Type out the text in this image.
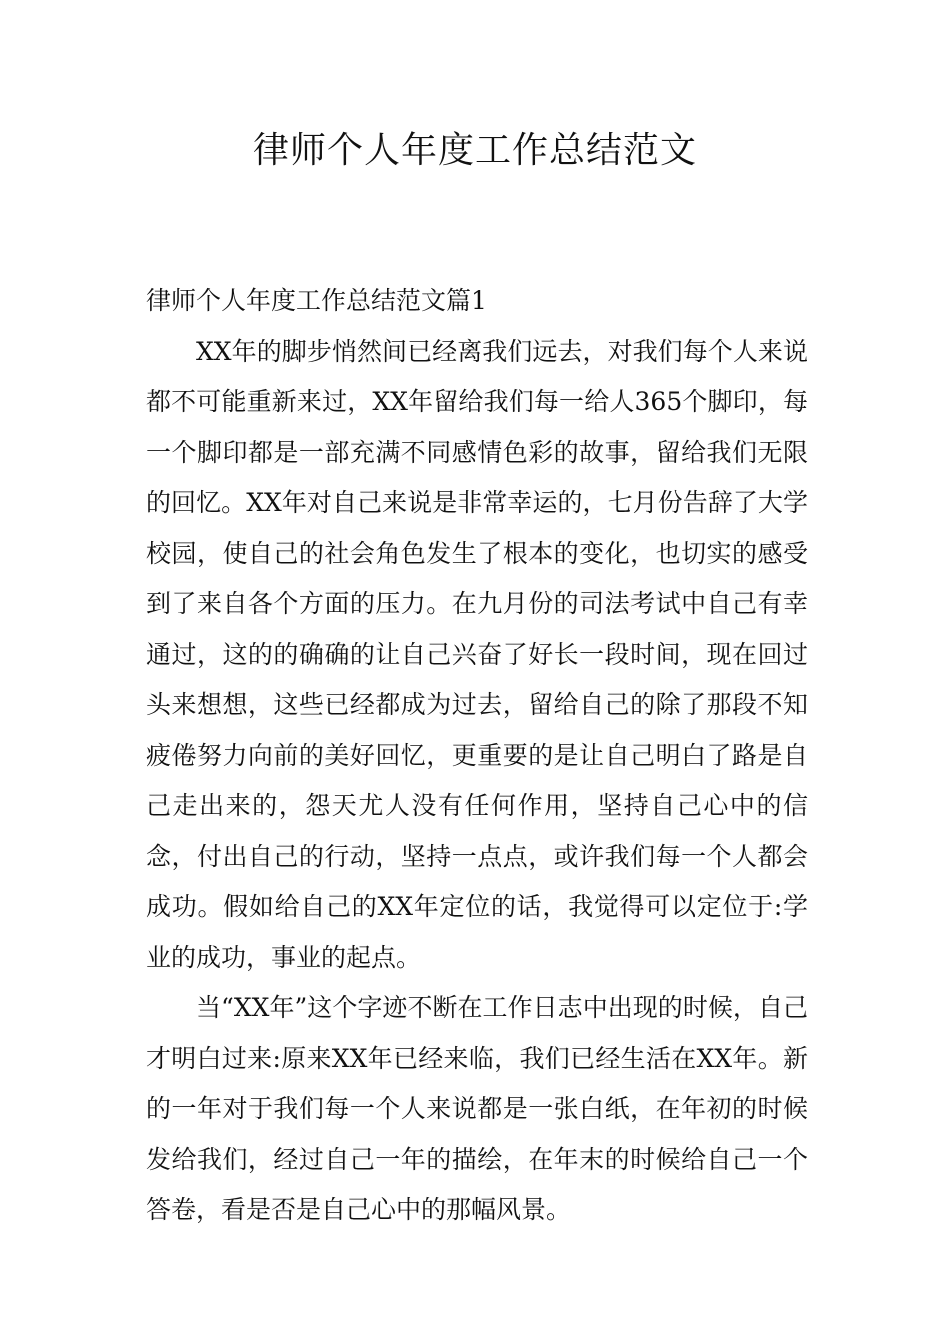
律师个人年度工作总结范文
律师个人年度工作总结范文篇1

XX年的脚步悄然间已经离我们远去，对我们每个人来说都不可能重新来过，XX年留给我们每一给人365个脚印，每一个脚印都是一部充满不同感情色彩的故事，留给我们无限的回忆。XX年对自己来说是非常幸运的，七月份告辞了大学校园，使自己的社会角色发生了根本的变化，也切实的感受到了来自各个方面的压力。在九月份的司法考试中自己有幸通过，这的的确确的让自己兴奋了好长一段时间，现在回过头来想想，这些已经都成为过去，留给自己的除了那段不知疲倦努力向前的美好回忆，更重要的是让自己明白了路是自己走出来的，怨天尤人没有任何作用，坚持自己心中的信念，付出自己的行动，坚持一点点，或许我们每一个人都会成功。假如给自己的XX年定位的话，我觉得可以定位于:学业的成功，事业的起点。

当“XX年”这个字迹不断在工作日志中出现的时候，自己才明白过来:原来XX年已经来临，我们已经生活在XX年。新的一年对于我们每一个人来说都是一张白纸，在年初的时候发给我们，经过自己一年的描绘，在年末的时候给自己一个答卷，看是否是自己心中的那幅风景。
